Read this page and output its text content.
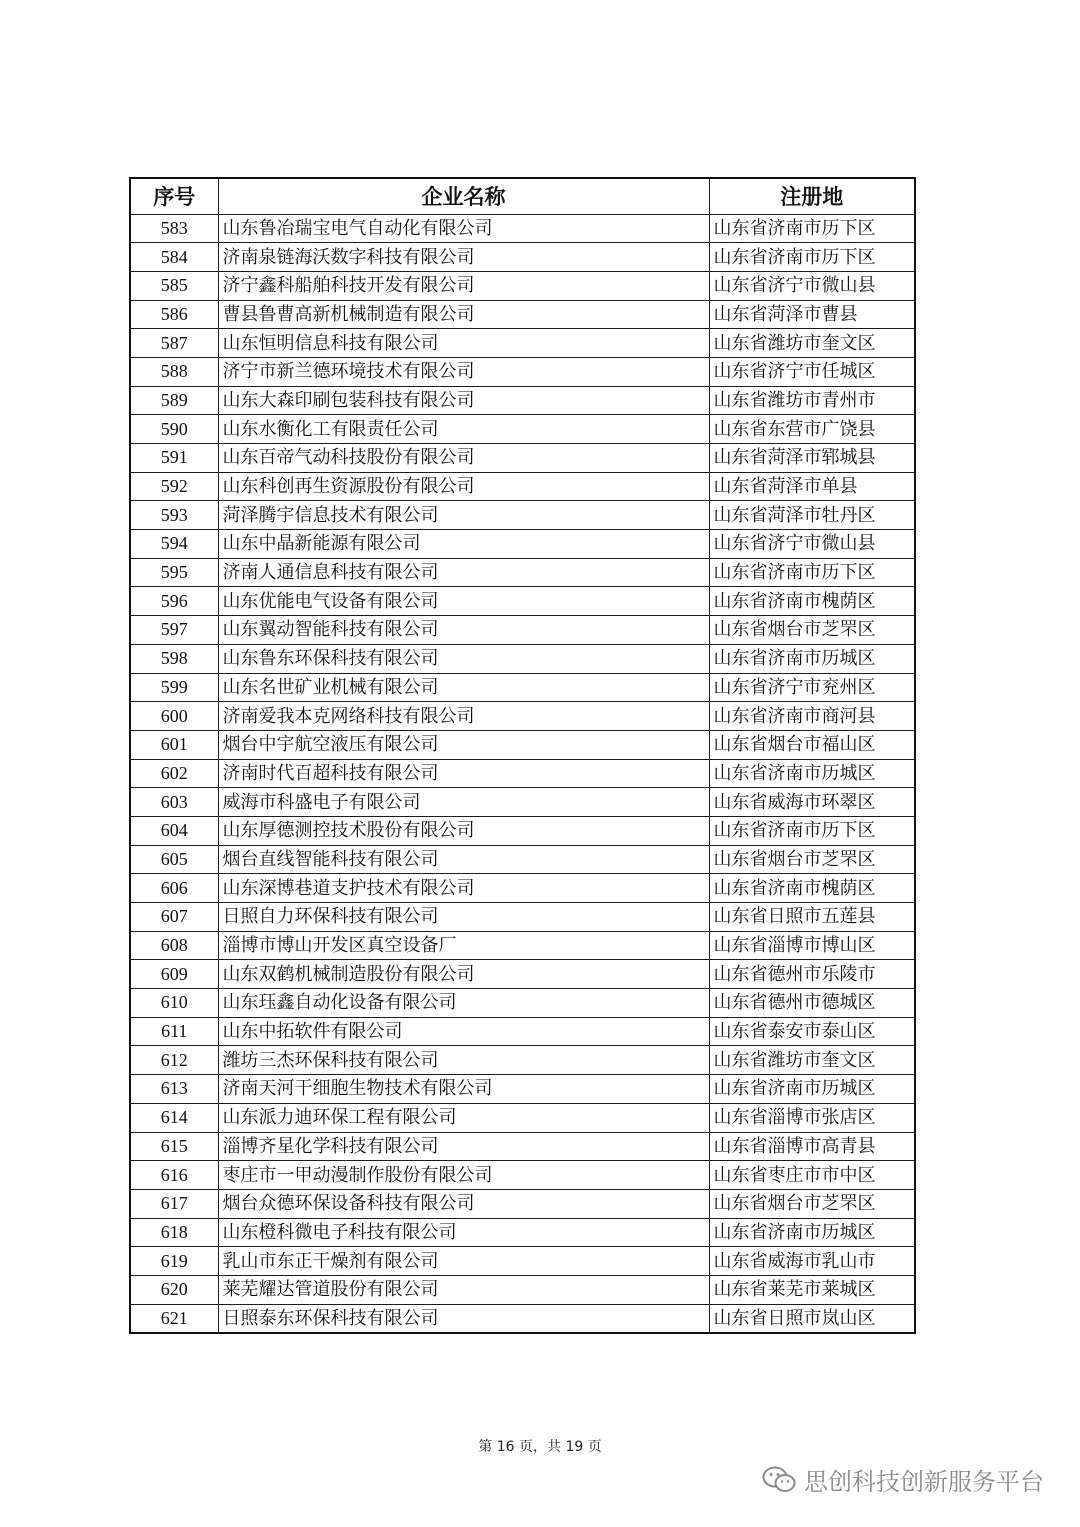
序号	企业名称	注册地
583	山东鲁冶瑞宝电气自动化有限公司	山东省济南市历下区
584	济南泉链海沃数字科技有限公司	山东省济南市历下区
585	济宁鑫科船舶科技开发有限公司	山东省济宁市微山县
586	曹县鲁曹高新机械制造有限公司	山东省菏泽市曹县
587	山东恒明信息科技有限公司	山东省潍坊市奎文区
588	济宁市新兰德环境技术有限公司	山东省济宁市任城区
589	山东大森印刷包装科技有限公司	山东省潍坊市青州市
590	山东水衡化工有限责任公司	山东省东营市广饶县
591	山东百帝气动科技股份有限公司	山东省菏泽市郓城县
592	山东科创再生资源股份有限公司	山东省菏泽市单县
593	菏泽腾宇信息技术有限公司	山东省菏泽市牡丹区
594	山东中晶新能源有限公司	山东省济宁市微山县
595	济南人通信息科技有限公司	山东省济南市历下区
596	山东优能电气设备有限公司	山东省济南市槐荫区
597	山东翼动智能科技有限公司	山东省烟台市芝罘区
598	山东鲁东环保科技有限公司	山东省济南市历城区
599	山东名世矿业机械有限公司	山东省济宁市兖州区
600	济南爱我本克网络科技有限公司	山东省济南市商河县
601	烟台中宇航空液压有限公司	山东省烟台市福山区
602	济南时代百超科技有限公司	山东省济南市历城区
603	威海市科盛电子有限公司	山东省威海市环翠区
604	山东厚德测控技术股份有限公司	山东省济南市历下区
605	烟台直线智能科技有限公司	山东省烟台市芝罘区
606	山东深博巷道支护技术有限公司	山东省济南市槐荫区
607	日照自力环保科技有限公司	山东省日照市五莲县
608	淄博市博山开发区真空设备厂	山东省淄博市博山区
609	山东双鹤机械制造股份有限公司	山东省德州市乐陵市
610	山东珏鑫自动化设备有限公司	山东省德州市德城区
611	山东中拓软件有限公司	山东省泰安市泰山区
612	潍坊三杰环保科技有限公司	山东省潍坊市奎文区
613	济南天河干细胞生物技术有限公司	山东省济南市历城区
614	山东派力迪环保工程有限公司	山东省淄博市张店区
615	淄博齐星化学科技有限公司	山东省淄博市高青县
616	枣庄市一甲动漫制作股份有限公司	山东省枣庄市市中区
617	烟台众德环保设备科技有限公司	山东省烟台市芝罘区
618	山东橙科微电子科技有限公司	山东省济南市历城区
619	乳山市东正干燥剂有限公司	山东省威海市乳山市
620	莱芜耀达管道股份有限公司	山东省莱芜市莱城区
621	日照泰东环保科技有限公司	山东省日照市岚山区
第 16 页，共 19 页
思创科技创新服务平台
